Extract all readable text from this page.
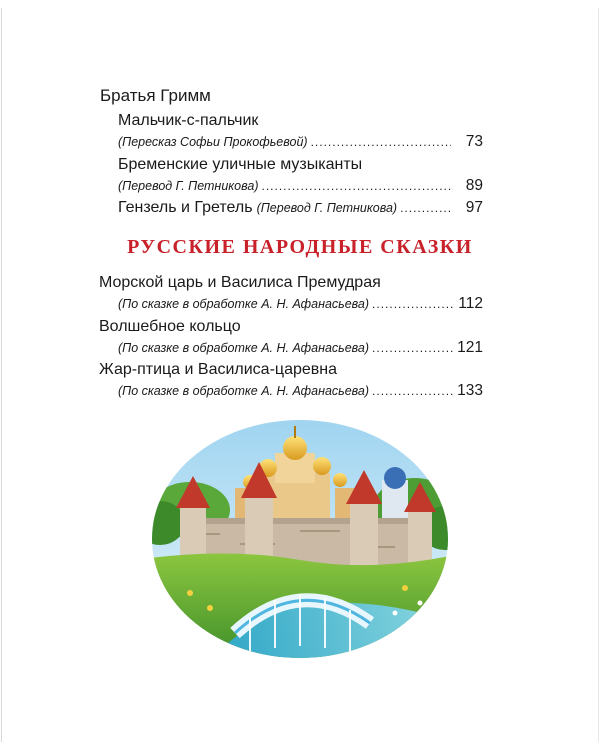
Братья Гримм
Мальчик-с-пальчик
(Пересказ Софьи Прокофьевой) .....	73
Бременские уличные музыканты
(Перевод Г. Петникова) .....	89
Гензель и Гретель (Перевод Г. Петникова) .....	97
РУССКИЕ НАРОДНЫЕ СКАЗКИ
Морской царь и Василиса Премудрая
(По сказке в обработке А. Н. Афанасьева) .....	112
Волшебное кольцо
(По сказке в обработке А. Н. Афанасьева) .....	121
Жар-птица и Василиса-царевна
(По сказке в обработке А. Н. Афанасьева) .....	133
